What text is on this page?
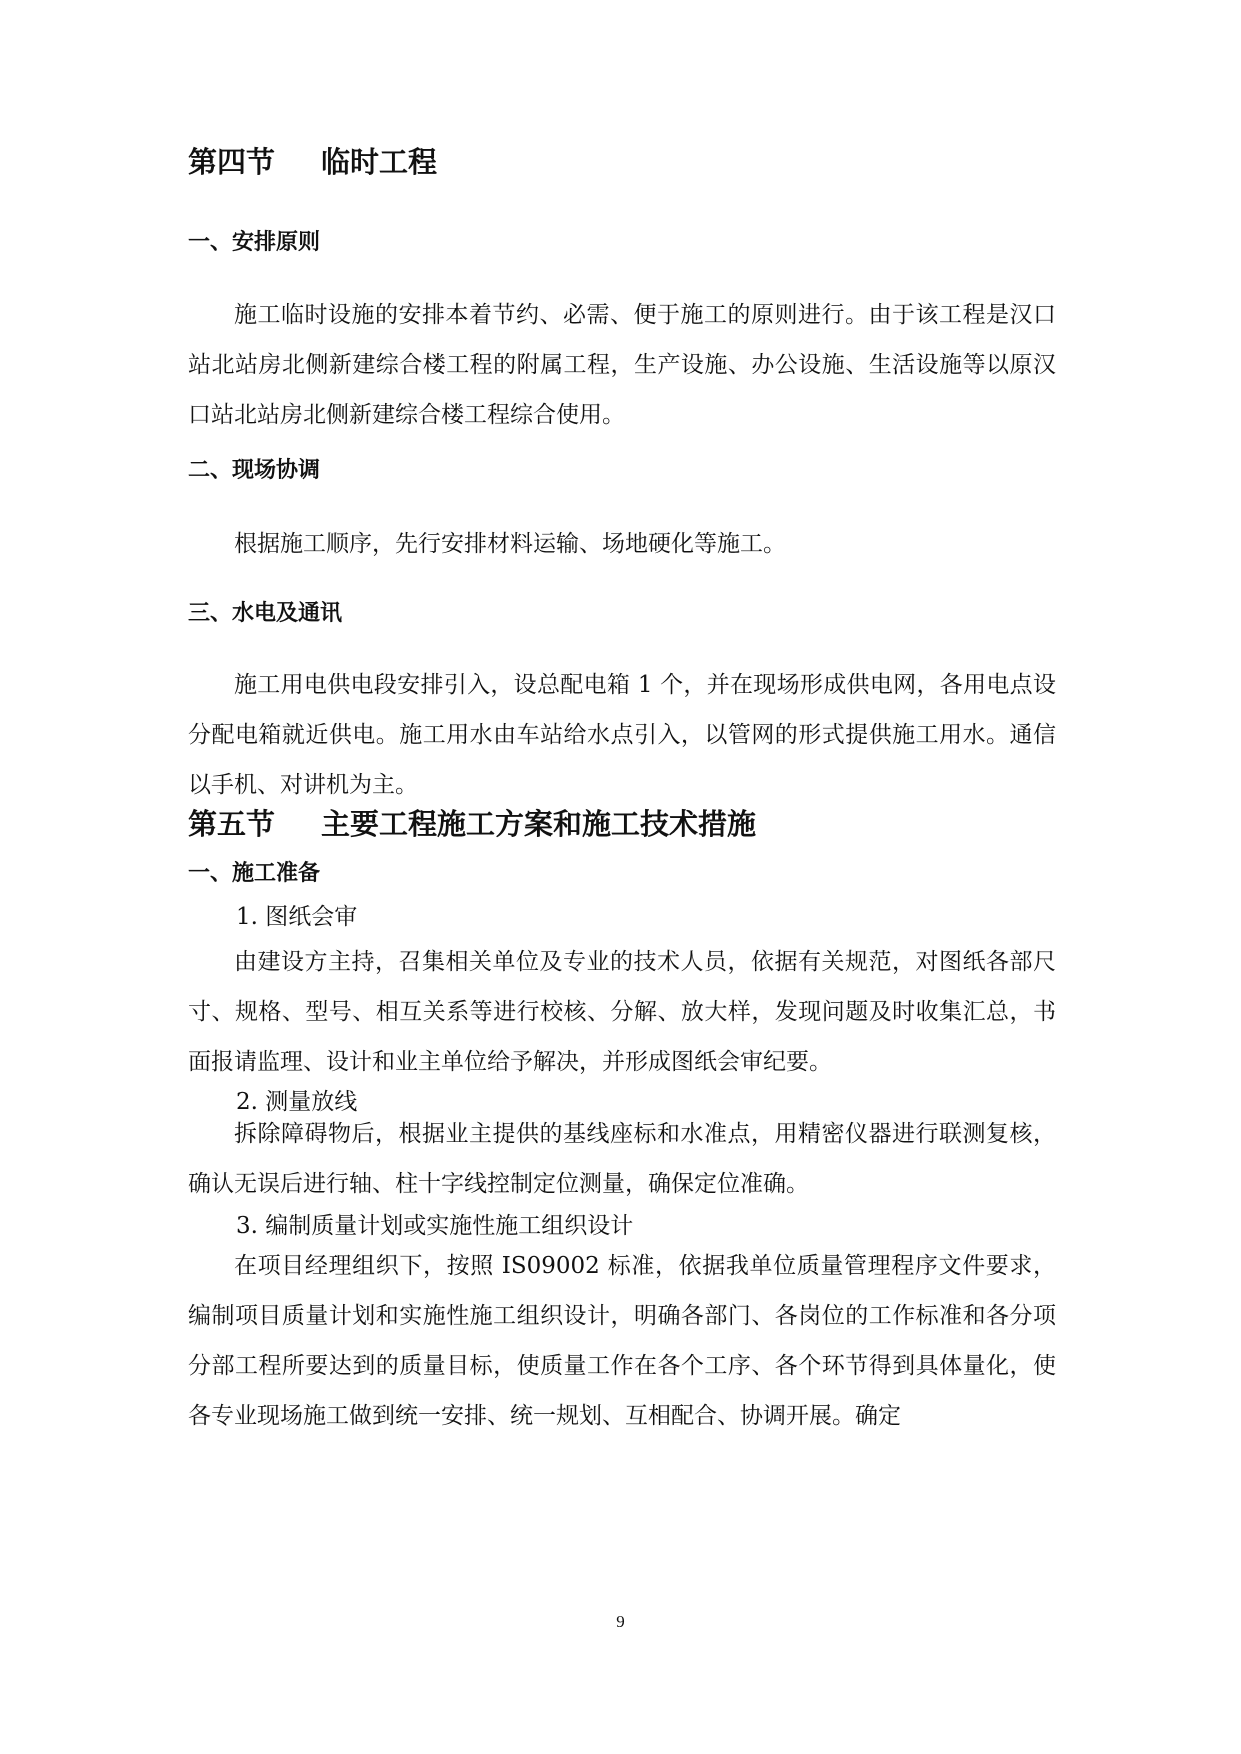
第四节 临时工程
一、安排原则

施工临时设施的安排本着节约、必需、便于施工的原则进行。由于该工程是汉口站北站房北侧新建综合楼工程的附属工程，生产设施、办公设施、生活设施等以原汉口站北站房北侧新建综合楼工程综合使用。

二、现场协调

根据施工顺序，先行安排材料运输、场地硬化等施工。

三、水电及通讯

施工用电供电段安排引入，设总配电箱 1 个，并在现场形成供电网，各用电点设分配电箱就近供电。施工用水由车站给水点引入，以管网的形式提供施工用水。通信以手机、对讲机为主。

第五节 主要工程施工方案和施工技术措施
一、施工准备
1. 图纸会审

由建设方主持，召集相关单位及专业的技术人员，依据有关规范，对图纸各部尺寸、规格、型号、相互关系等进行校核、分解、放大样，发现问题及时收集汇总，书面报请监理、设计和业主单位给予解决，并形成图纸会审纪要。

2. 测量放线

拆除障碍物后，根据业主提供的基线座标和水准点，用精密仪器进行联测复核，确认无误后进行轴、柱十字线控制定位测量，确保定位准确。

3. 编制质量计划或实施性施工组织设计

在项目经理组织下，按照 IS09002 标准，依据我单位质量管理程序文件要求，编制项目质量计划和实施性施工组织设计，明确各部门、各岗位的工作标准和各分项分部工程所要达到的质量目标，使质量工作在各个工序、各个环节得到具体量化，使各专业现场施工做到统一安排、统一规划、互相配合、协调开展。确定

9
